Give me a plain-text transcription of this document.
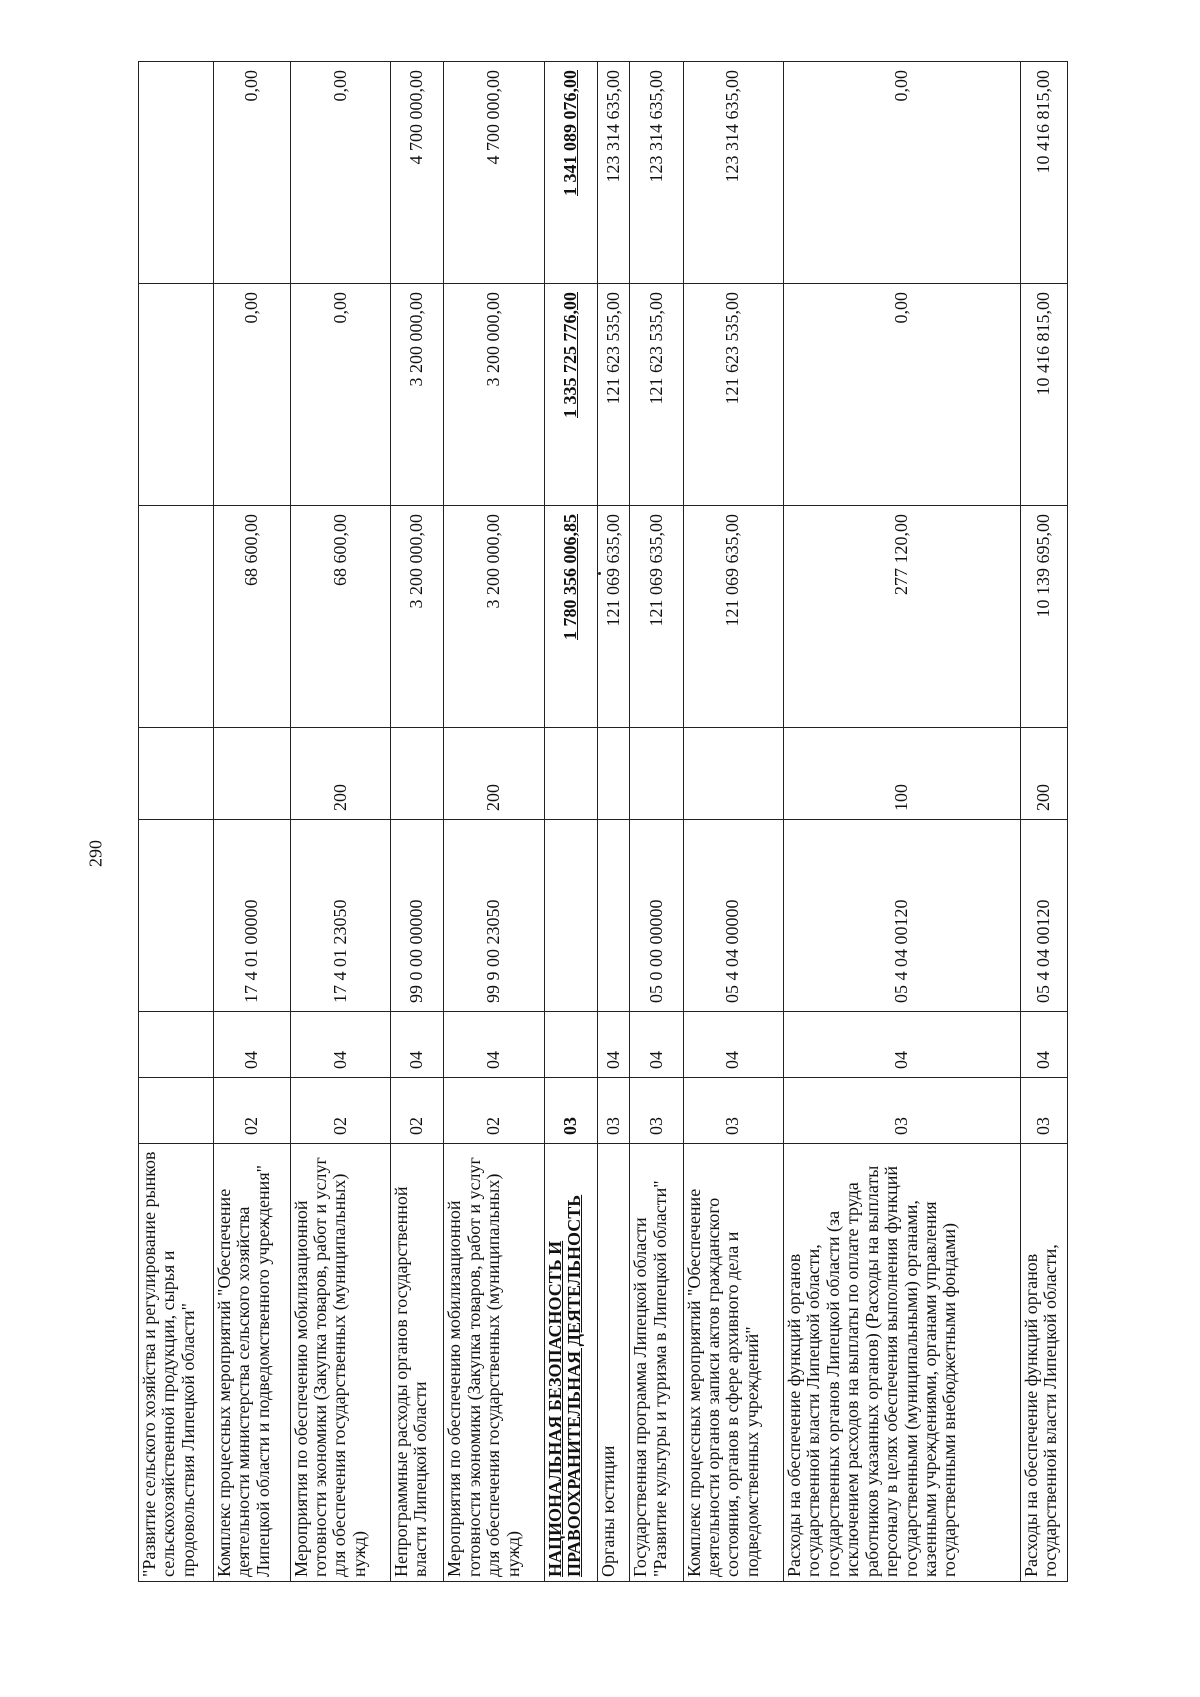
290
"Развитие сельского хозяйства и регулирование рынков сельскохозяйственной продукции, сырья и продовольствия Липецкой области"							
Комплекс процессных мероприятий "Обеспечение деятельности министерства сельского хозяйства Липецкой области и подведомственного учреждения"	02	04	17 4 01 00000		68 600,00	0,00	0,00
Мероприятия по обеспечению мобилизационной готовности экономики (Закупка товаров, работ и услуг для обеспечения государственных (муниципальных) нужд)	02	04	17 4 01 23050	200	68 600,00	0,00	0,00
Непрограммные расходы органов государственной власти Липецкой области	02	04	99 0 00 00000		3 200 000,00	3 200 000,00	4 700 000,00
Мероприятия по обеспечению мобилизационной готовности экономики (Закупка товаров, работ и услуг для обеспечения государственных (муниципальных) нужд)	02	04	99 9 00 23050	200	3 200 000,00	3 200 000,00	4 700 000,00
НАЦИОНАЛЬНАЯ БЕЗОПАСНОСТЬ И ПРАВООХРАНИТЕЛЬНАЯ ДЕЯТЕЛЬНОСТЬ	03				1 780 356 006,85	1 335 725 776,00	1 341 089 076,00
Органы юстиции	03	04			121 069 635,00	121 623 535,00	123 314 635,00
Государственная программа Липецкой области "Развитие культуры и туризма в Липецкой области"	03	04	05 0 00 00000		121 069 635,00	121 623 535,00	123 314 635,00
Комплекс процессных мероприятий "Обеспечение деятельности органов записи актов гражданского состояния, органов в сфере архивного дела и подведомственных учреждений"	03	04	05 4 04 00000		121 069 635,00	121 623 535,00	123 314 635,00
Расходы на обеспечение функций органов государственной власти Липецкой области, государственных органов Липецкой области (за исключением расходов на выплаты по оплате труда работников указанных органов) (Расходы на выплаты персоналу в целях обеспечения выполнения функций государственными (муниципальными) органами, казенными учреждениями, органами управления государственными внебюджетными фондами)	03	04	05 4 04 00120	100	277 120,00	0,00	0,00
Расходы на обеспечение функций органов государственной власти Липецкой области,	03	04	05 4 04 00120	200	10 139 695,00	10 416 815,00	10 416 815,00
